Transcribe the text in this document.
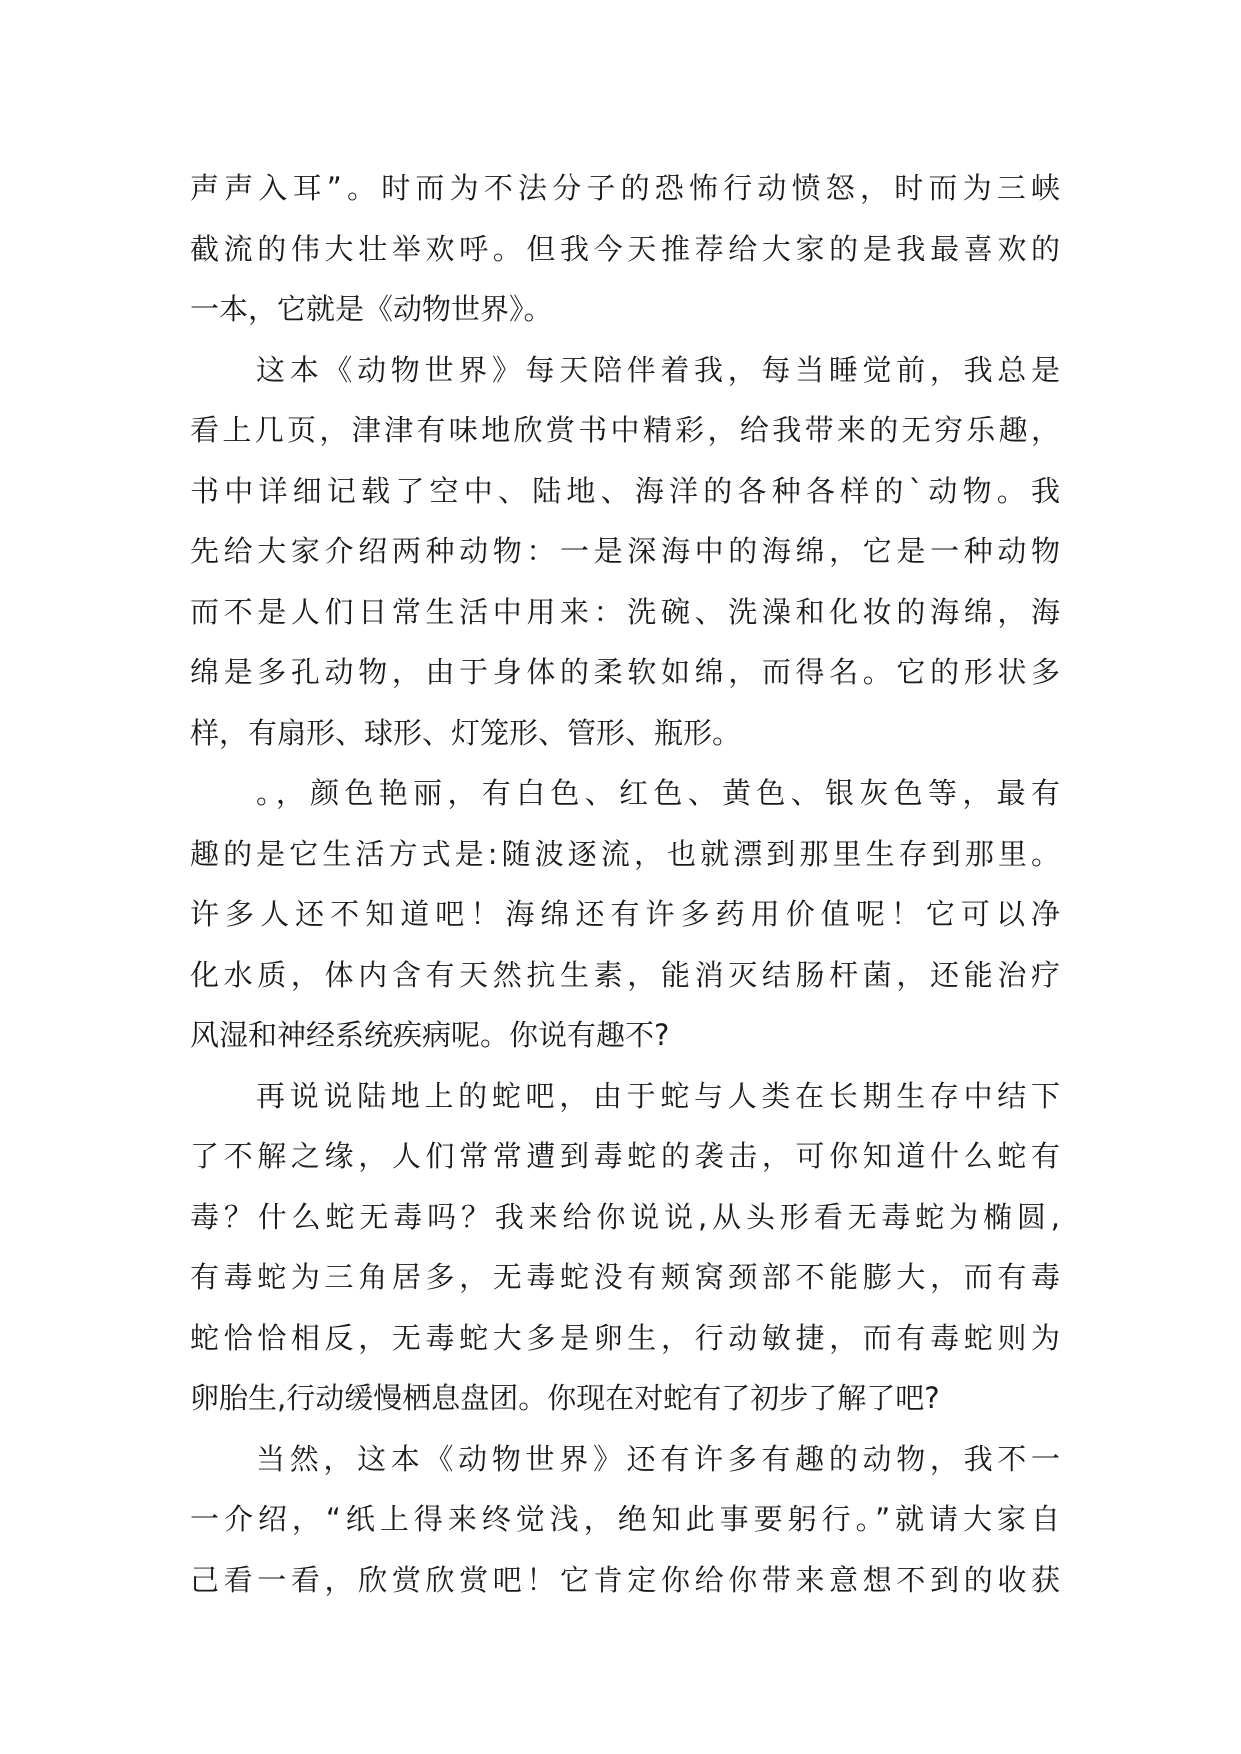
声声入耳”。时而为不法分子的恐怖行动愤怒，时而为三峡
截流的伟大壮举欢呼。但我今天推荐给大家的是我最喜欢的
一本，它就是《动物世界》。
这本《动物世界》每天陪伴着我，每当睡觉前，我总是
看上几页，津津有味地欣赏书中精彩，给我带来的无穷乐趣，
书中详细记载了空中、陆地、海洋的各种各样的`动物。我
先给大家介绍两种动物：一是深海中的海绵，它是一种动物
而不是人们日常生活中用来：洗碗、洗澡和化妆的海绵，海
绵是多孔动物，由于身体的柔软如绵，而得名。它的形状多
样，有扇形、球形、灯笼形、管形、瓶形。
。，颜色艳丽，有白色、红色、黄色、银灰色等，最有
趣的是它生活方式是:随波逐流，也就漂到那里生存到那里。
许多人还不知道吧！海绵还有许多药用价值呢！它可以净
化水质，体内含有天然抗生素，能消灭结肠杆菌，还能治疗
风湿和神经系统疾病呢。你说有趣不?
再说说陆地上的蛇吧，由于蛇与人类在长期生存中结下
了不解之缘，人们常常遭到毒蛇的袭击，可你知道什么蛇有
毒？什么蛇无毒吗？我来给你说说,从头形看无毒蛇为椭圆,
有毒蛇为三角居多，无毒蛇没有颊窝颈部不能膨大，而有毒
蛇恰恰相反，无毒蛇大多是卵生，行动敏捷，而有毒蛇则为
卵胎生,行动缓慢栖息盘团。你现在对蛇有了初步了解了吧?
当然，这本《动物世界》还有许多有趣的动物，我不一
一介绍，“纸上得来终觉浅，绝知此事要躬行。”就请大家自
己看一看，欣赏欣赏吧！它肯定你给你带来意想不到的收获
